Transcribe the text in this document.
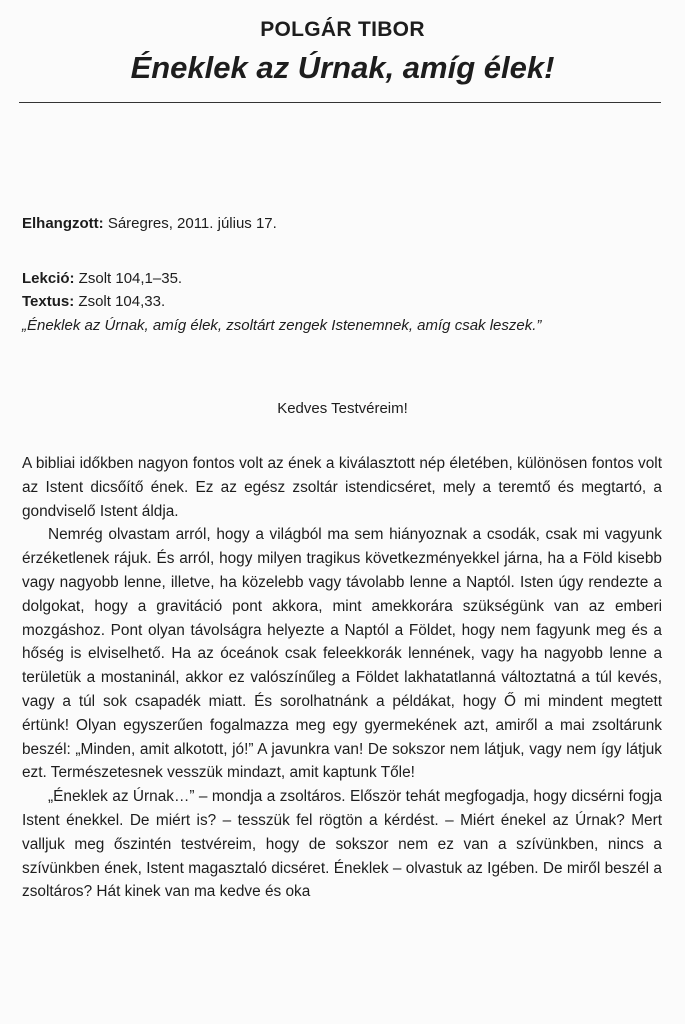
POLGÁR TIBOR
Éneklek az Úrnak, amíg élek!
Elhangzott: Sáregres, 2011. július 17.
Lekció: Zsolt 104,1–35.
Textus: Zsolt 104,33.
„Éneklek az Úrnak, amíg élek, zsoltárt zengek Istenemnek, amíg csak leszek.”
Kedves Testvéreim!

A bibliai időkben nagyon fontos volt az ének a kiválasztott nép életében, különösen fontos volt az Istent dicsőítő ének. Ez az egész zsoltár istendicséret, mely a teremtő és megtartó, a gondviselő Istent áldja.

Nemrég olvastam arról, hogy a világból ma sem hiányoznak a csodák, csak mi vagyunk érzéketlenek rájuk. És arról, hogy milyen tragikus következményekkel járna, ha a Föld kisebb vagy nagyobb lenne, illetve, ha közelebb vagy távolabb lenne a Naptól. Isten úgy rendezte a dolgokat, hogy a gravitáció pont akkora, mint amekkorára szükségünk van az emberi mozgáshoz. Pont olyan távolságra helyezte a Naptól a Földet, hogy nem fagyunk meg és a hőség is elviselhető. Ha az óceánok csak feleekkorák lennének, vagy ha nagyobb lenne a területük a mostaninál, akkor ez valószínűleg a Földet lakhatatlanná változtatná a túl kevés, vagy a túl sok csapadék miatt. És sorolhatnánk a példákat, hogy Ő mi mindent megtett értünk! Olyan egyszerűen fogalmazza meg egy gyermekének azt, amiről a mai zsoltárunk beszél: „Minden, amit alkotott, jó!” A javunkra van! De sokszor nem látjuk, vagy nem így látjuk ezt. Természetesnek vesszük mindazt, amit kaptunk Tőle!

„Éneklek az Úrnak…” – mondja a zsoltáros. Először tehát megfogadja, hogy dicsérni fogja Istent énekkel. De miért is? – tesszük fel rögtön a kérdést. – Miért énekel az Úrnak? Mert valljuk meg őszintén testvéreim, hogy de sokszor nem ez van a szívünkben, nincs a szívünkben ének, Istent magasztaló dicséret. Éneklek – olvastuk az Igében. De miről beszél a zsoltáros? Hát kinek van ma kedve és oka
